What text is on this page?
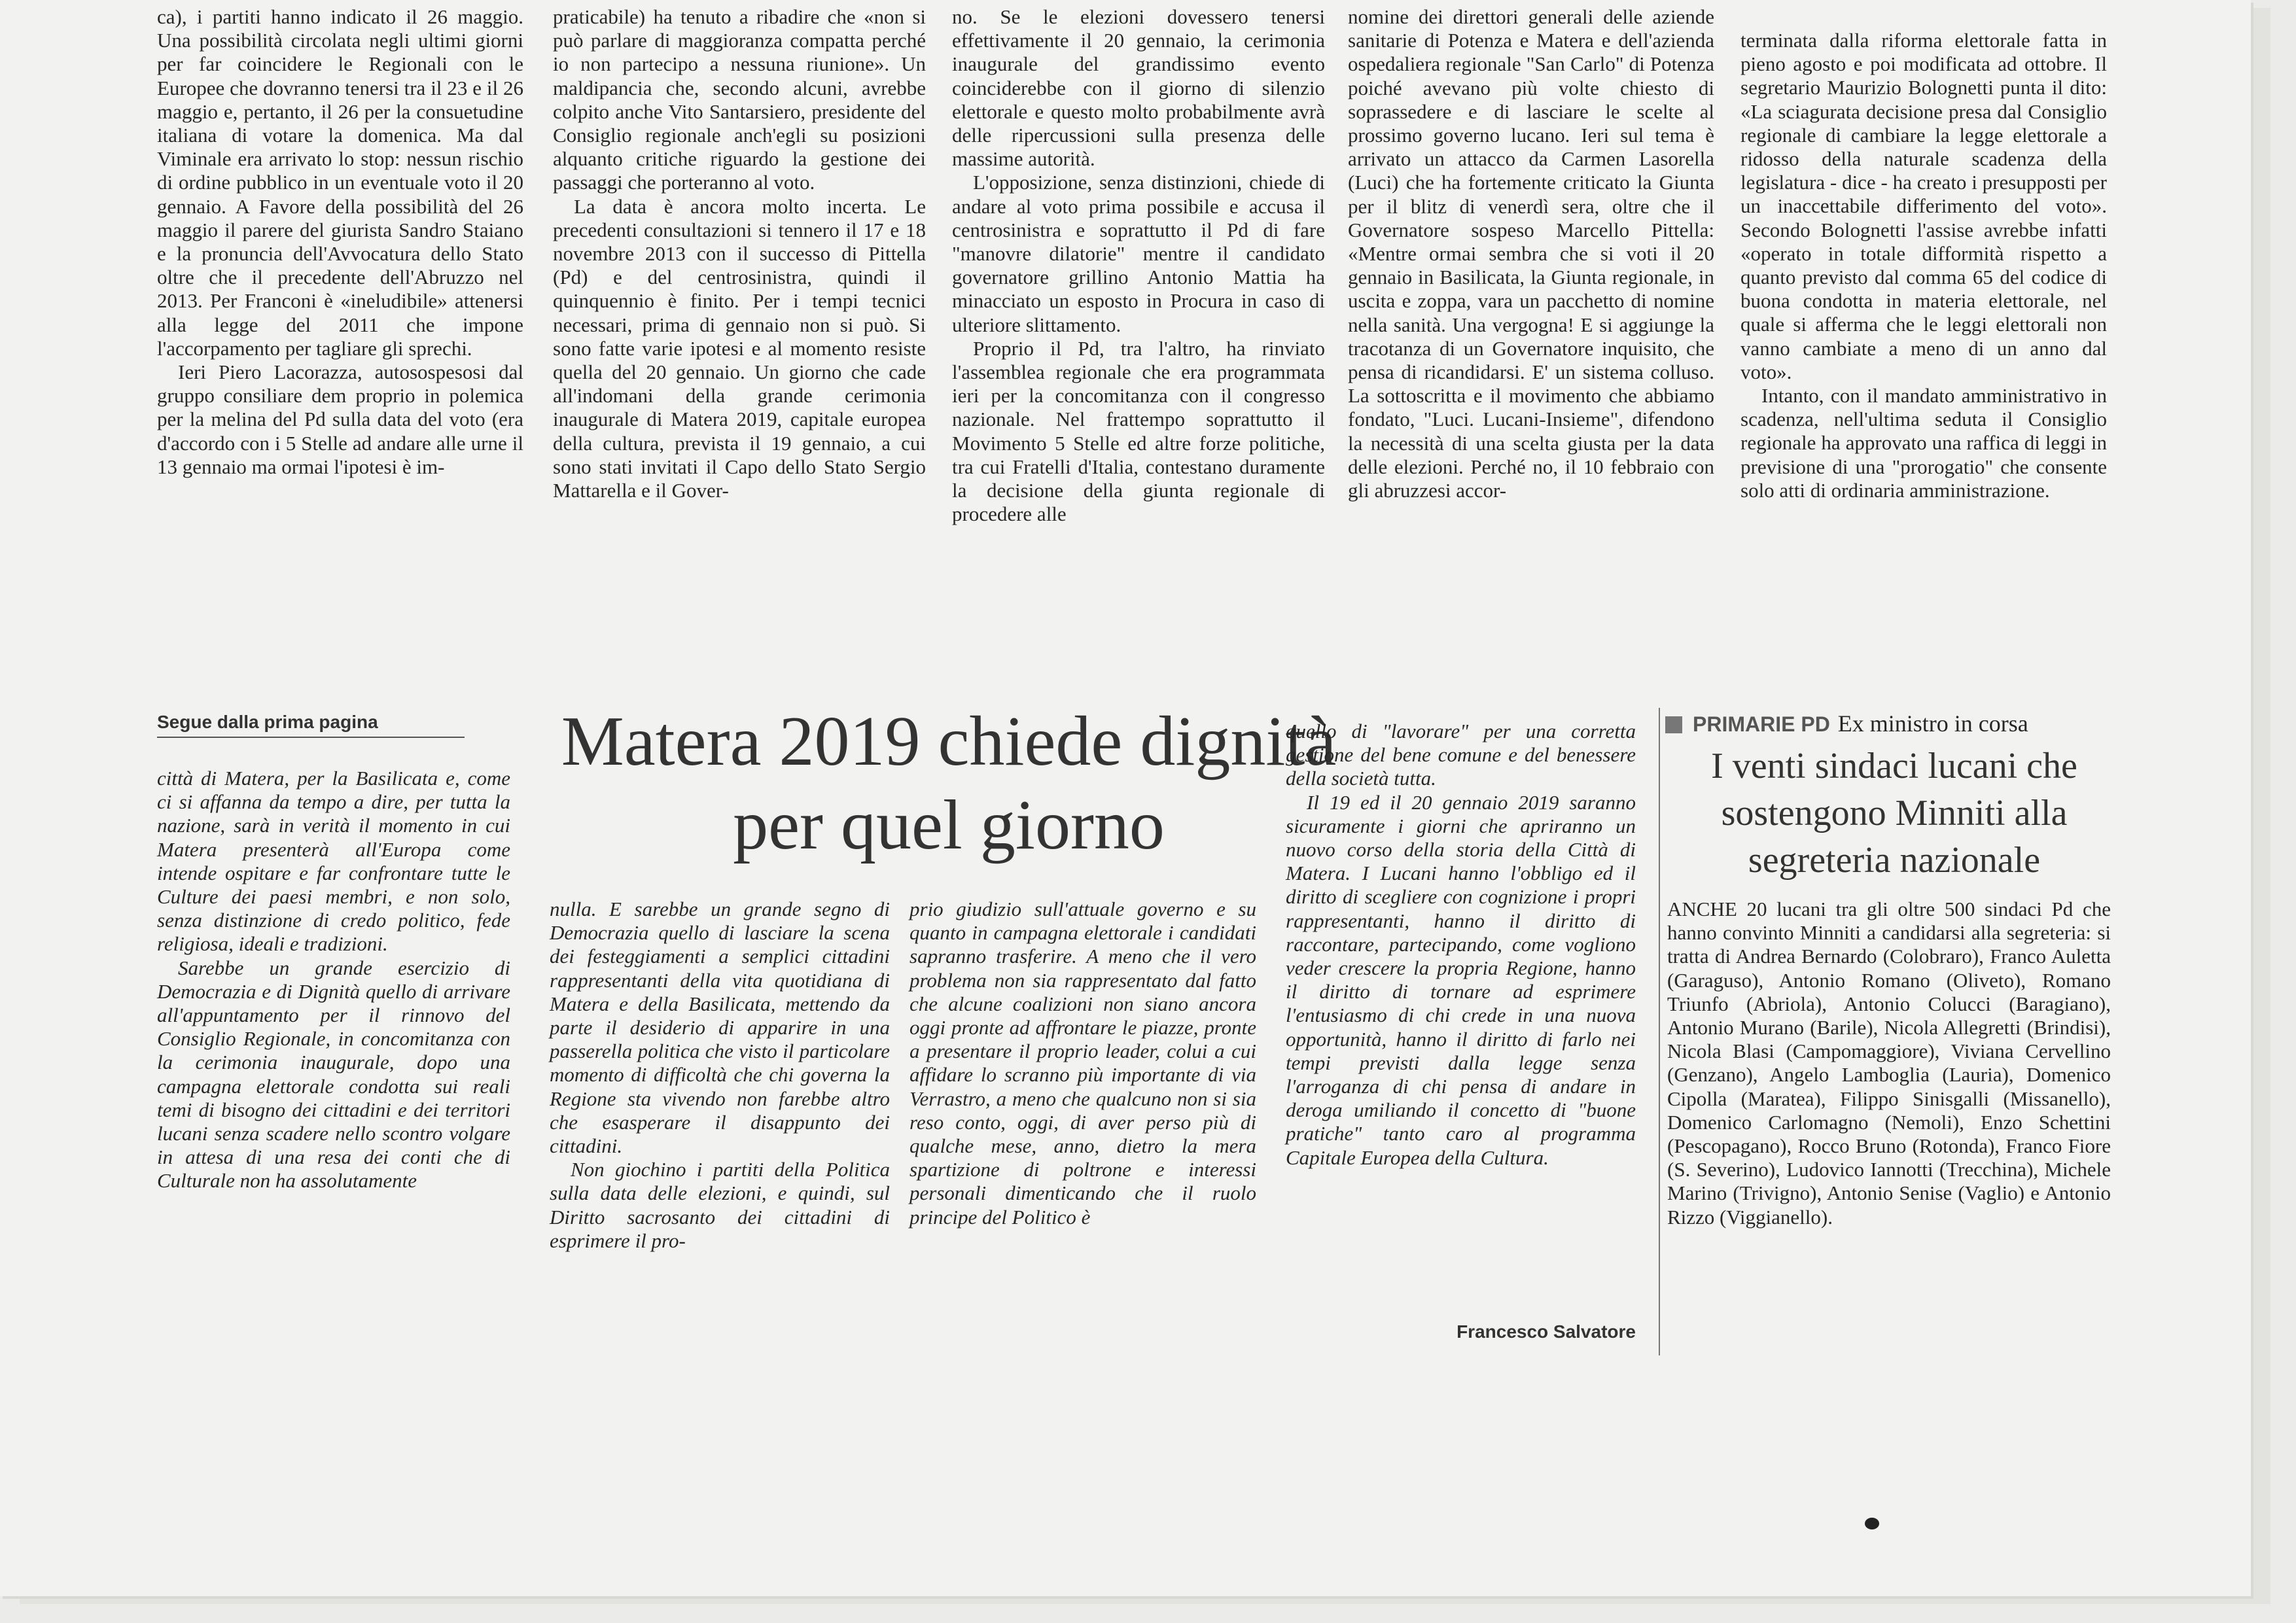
ca), i partiti hanno indicato il 26 maggio. Una possibilità circolata negli ultimi giorni per far coincidere le Regionali con le Europee che dovranno tenersi tra il 23 e il 26 maggio e, pertanto, il 26 per la consuetudine italiana di votare la domenica. Ma dal Viminale era arrivato lo stop: nessun rischio di ordine pubblico in un eventuale voto il 20 gennaio. A Favore della possibilità del 26 maggio il parere del giurista Sandro Staiano e la pronuncia dell'Avvocatura dello Stato oltre che il precedente dell'Abruzzo nel 2013. Per Franconi è «ineludibile» attenersi alla legge del 2011 che impone l'accorpamento per tagliare gli sprechi.

Ieri Piero Lacorazza, autosospesosi dal gruppo consiliare dem proprio in polemica per la melina del Pd sulla data del voto (era d'accordo con i 5 Stelle ad andare alle urne il 13 gennaio ma ormai l'ipotesi è im-

praticabile) ha tenuto a ribadire che «non si può parlare di maggioranza compatta perché io non partecipo a nessuna riunione». Un maldipancia che, secondo alcuni, avrebbe colpito anche Vito Santarsiero, presidente del Consiglio regionale anch'egli su posizioni alquanto critiche riguardo la gestione dei passaggi che porteranno al voto.

La data è ancora molto incerta. Le precedenti consultazioni si tennero il 17 e 18 novembre 2013 con il successo di Pittella (Pd) e del centrosinistra, quindi il quinquennio è finito. Per i tempi tecnici necessari, prima di gennaio non si può. Si sono fatte varie ipotesi e al momento resiste quella del 20 gennaio. Un giorno che cade all'indomani della grande cerimonia inaugurale di Matera 2019, capitale europea della cultura, prevista il 19 gennaio, a cui sono stati invitati il Capo dello Stato Sergio Mattarella e il Gover-

no. Se le elezioni dovessero tenersi effettivamente il 20 gennaio, la cerimonia inaugurale del grandissimo evento coinciderebbe con il giorno di silenzio elettorale e questo molto probabilmente avrà delle ripercussioni sulla presenza delle massime autorità.

L'opposizione, senza distinzioni, chiede di andare al voto prima possibile e accusa il centrosinistra e soprattutto il Pd di fare "manovre dilatorie" mentre il candidato governatore grillino Antonio Mattia ha minacciato un esposto in Procura in caso di ulteriore slittamento.

Proprio il Pd, tra l'altro, ha rinviato l'assemblea regionale che era programmata ieri per la concomitanza con il congresso nazionale. Nel frattempo soprattutto il Movimento 5 Stelle ed altre forze politiche, tra cui Fratelli d'Italia, contestano duramente la decisione della giunta regionale di procedere alle

nomine dei direttori generali delle aziende sanitarie di Potenza e Matera e dell'azienda ospedaliera regionale "San Carlo" di Potenza poiché avevano più volte chiesto di soprassedere e di lasciare le scelte al prossimo governo lucano. Ieri sul tema è arrivato un attacco da Carmen Lasorella (Luci) che ha fortemente criticato la Giunta per il blitz di venerdì sera, oltre che il Governatore sospeso Marcello Pittella: «Mentre ormai sembra che si voti il 20 gennaio in Basilicata, la Giunta regionale, in uscita e zoppa, vara un pacchetto di nomine nella sanità. Una vergogna! E si aggiunge la tracotanza di un Governatore inquisito, che pensa di ricandidarsi. E' un sistema colluso. La sottoscritta e il movimento che abbiamo fondato, "Luci. Lucani-Insieme", difendono la necessità di una scelta giusta per la data delle elezioni. Perché no, il 10 febbraio con gli abruzzesi accor-

terminata dalla riforma elettorale fatta in pieno agosto e poi modificata ad ottobre. Il segretario Maurizio Bolognetti punta il dito: «La sciagurata decisione presa dal Consiglio regionale di cambiare la legge elettorale a ridosso della naturale scadenza della legislatura - dice - ha creato i presupposti per un inaccettabile differimento del voto». Secondo Bolognetti l'assise avrebbe infatti «operato in totale difformità rispetto a quanto previsto dal comma 65 del codice di buona condotta in materia elettorale, nel quale si afferma che le leggi elettorali non vanno cambiate a meno di un anno dal voto».

Intanto, con il mandato amministrativo in scadenza, nell'ultima seduta il Consiglio regionale ha approvato una raffica di leggi in previsione di una "prorogatio" che consente solo atti di ordinaria amministrazione.

Segue dalla prima pagina	Matera 2019 chiede dignità per quel giorno

città di Matera, per la Basilicata e, come ci si affanna da tempo a dire, per tutta la nazione, sarà in verità il momento in cui Matera presenterà all'Europa come intende ospitare e far confrontare tutte le Culture dei paesi membri, e non solo, senza distinzione di credo politico, fede religiosa, ideali e tradizioni.

Sarebbe un grande esercizio di Democrazia e di Dignità quello di arrivare all'appuntamento per il rinnovo del Consiglio Regionale, in concomitanza con la cerimonia inaugurale, dopo una campagna elettorale condotta sui reali temi di bisogno dei cittadini e dei territori lucani senza scadere nello scontro volgare in attesa di una resa dei conti che di Culturale non ha assolutamente

nulla. E sarebbe un grande segno di Democrazia quello di lasciare la scena dei festeggiamenti a semplici cittadini rappresentanti della vita quotidiana di Matera e della Basilicata, mettendo da parte il desiderio di apparire in una passerella politica che visto il particolare momento di difficoltà che chi governa la Regione sta vivendo non farebbe altro che esasperare il disappunto dei cittadini.

Non giochino i partiti della Politica sulla data delle elezioni, e quindi, sul Diritto sacrosanto dei cittadini di esprimere il pro-

prio giudizio sull'attuale governo e su quanto in campagna elettorale i candidati sapranno trasferire. A meno che il vero problema non sia rappresentato dal fatto che alcune coalizioni non siano ancora oggi pronte ad affrontare le piazze, pronte a presentare il proprio leader, colui a cui affidare lo scranno più importante di via Verrastro, a meno che qualcuno non si sia reso conto, oggi, di aver perso più di qualche mese, anno, dietro la mera spartizione di poltrone e interessi personali dimenticando che il ruolo principe del Politico è

quello di "lavorare" per una corretta gestione del bene comune e del benessere della società tutta.

Il 19 ed il 20 gennaio 2019 saranno sicuramente i giorni che apriranno un nuovo corso della storia della Città di Matera. I Lucani hanno l'obbligo ed il diritto di scegliere con cognizione i propri rappresentanti, hanno il diritto di raccontare, partecipando, come vogliono veder crescere la propria Regione, hanno il diritto di tornare ad esprimere l'entusiasmo di chi crede in una nuova opportunità, hanno il diritto di farlo nei tempi previsti dalla legge senza l'arroganza di chi pensa di andare in deroga umiliando il concetto di "buone pratiche" tanto caro al programma Capitale Europea della Cultura.

Francesco Salvatore
PRIMARIE PD Ex ministro in corsa
I venti sindaci lucani che sostengono Minniti alla segreteria nazionale

ANCHE 20 lucani tra gli oltre 500 sindaci Pd che hanno convinto Minniti a candidarsi alla segreteria: si tratta di Andrea Bernardo (Colobraro), Franco Auletta (Garaguso), Antonio Romano (Oliveto), Romano Triunfo (Abriola), Antonio Colucci (Baragiano), Antonio Murano (Barile), Nicola Allegretti (Brindisi), Nicola Blasi (Campomaggiore), Viviana Cervellino (Genzano), Angelo Lamboglia (Lauria), Domenico Cipolla (Maratea), Filippo Sinisgalli (Missanello), Domenico Carlomagno (Nemoli), Enzo Schettini (Pescopagano), Rocco Bruno (Rotonda), Franco Fiore (S. Severino), Ludovico Iannotti (Trecchina), Michele Marino (Trivigno), Antonio Senise (Vaglio) e Antonio Rizzo (Viggianello).
